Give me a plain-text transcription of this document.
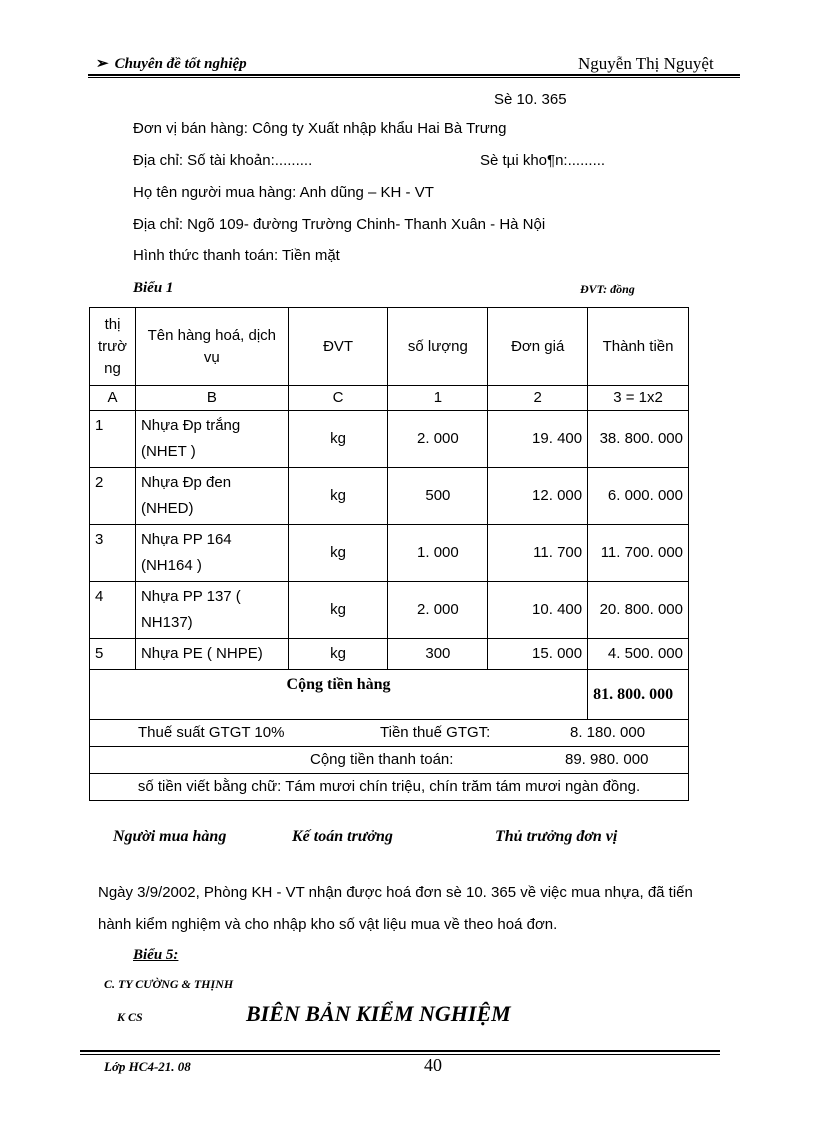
➢ Chuyên đề tốt nghiệp	Nguyễn Thị Nguyệt
Sè 10. 365
Đơn vị bán hàng: Công ty Xuất nhập khẩu Hai Bà Trưng
Địa chỉ: Số tài khoản:.........	Sè tµi kho¶n:.........
Họ tên người mua hàng: Anh dũng – KH - VT
Địa chỉ: Ngõ 109- đường Trường Chinh- Thanh Xuân - Hà Nội
Hình thức thanh toán: Tiền mặt
Biểu 1	ĐVT: đồng
thị trườ ng	Tên hàng hoá, dịch vụ	ĐVT	số lượng	Đơn giá	Thành tiền
A	B	C	1	2	3 = 1x2
1	Nhựa Đp trắng (NHET )	kg	2. 000	19. 400	38. 800. 000
2	Nhựa Đp đen (NHED)	kg	500	12. 000	6. 000. 000
3	Nhựa PP 164 (NH164 )	kg	1. 000	11. 700	11. 700. 000
4	Nhựa PP 137 ( NH137)	kg	2. 000	10. 400	20. 800. 000
5	Nhựa PE ( NHPE)	kg	300	15. 000	4. 500. 000
Cộng tiền hàng					81. 800. 000

Thuế suất GTGT 10% Tiền thuế GTGT: 8. 180. 000					

Cộng tiền thanh toán: 89. 980. 000					

số tiền viết bằng chữ: Tám mươi chín triệu, chín trăm tám mươi ngàn đồng.					
Người mua hàng	Kế toán trưởng	Thủ trưởng đơn vị
Ngày 3/9/2002, Phòng KH - VT nhận được hoá đơn sè 10. 365 về việc mua nhựa, đã tiến
hành kiểm nghiệm và cho nhập kho số vật liệu mua về theo hoá đơn.
Biểu 5:
C. TY CƯỜNG & THỊNH
K CS	BIÊN BẢN KIỂM NGHIỆM
Lớp HC4-21. 08	40
